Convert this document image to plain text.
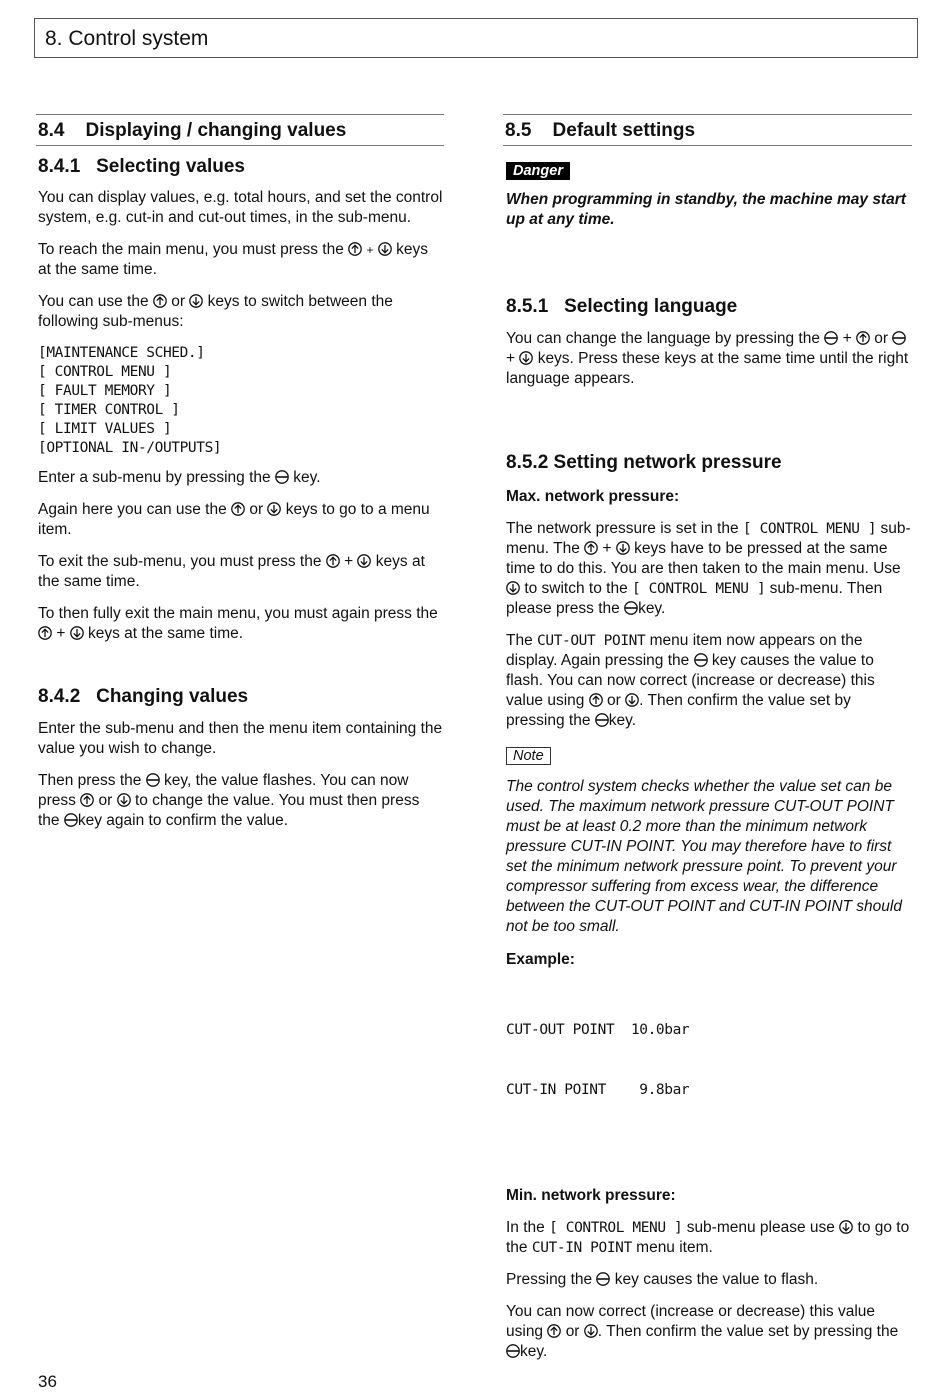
8. Control system
8.4    Displaying / changing values
8.4.1   Selecting values

You can display values, e.g. total hours, and set the control system, e.g. cut-in and cut-out times, in the sub-menu.

To reach the main menu, you must press the + keys at the same time.

You can use the or keys to switch between the following sub-menus:

[MAINTENANCE SCHED.]
[ CONTROL MENU ]
[ FAULT MEMORY ]
[ TIMER CONTROL ]
[ LIMIT VALUES ]
[OPTIONAL IN-/OUTPUTS]

Enter a sub-menu by pressing the key.

Again here you can use the or keys to go to a menu item.

To exit the sub-menu, you must press the + keys at the same time.

To then fully exit the main menu, you must again press the
+ keys at the same time.

8.4.2   Changing values

Enter the sub-menu and then the menu item containing the value you wish to change.

Then press the key, the value flashes. You can now press or to change the value. You must then press the key again to confirm the value.

8.5    Default settings
Danger

When programming in standby, the machine may start up at any time.

8.5.1   Selecting language

You can change the language by pressing the + or
+ keys. Press these keys at the same time until the right language appears.

8.5.2 Setting network pressure

Max. network pressure:

The network pressure is set in the [ CONTROL MENU ] sub-menu. The + keys have to be pressed at the same time to do this. You are then taken to the main menu. Use
to switch to the [ CONTROL MENU ] sub-menu. Then please press the key.

The CUT-OUT POINT menu item now appears on the display. Again pressing the key causes the value to flash. You can now correct (increase or decrease) this value using or . Then confirm the value set by pressing the key.

Note

The control system checks whether the value set can be used. The maximum network pressure CUT-OUT POINT must be at least 0.2 more than the minimum network pressure CUT-IN POINT. You may therefore have to first set the minimum network pressure point. To prevent your compressor suffering from excess wear, the difference between the CUT-OUT POINT and CUT-IN POINT should not be too small.

Example:

CUT-OUT POINT  10.0bar

CUT-IN POINT    9.8bar

Min. network pressure:

In the [ CONTROL MENU ] sub-menu please use to go to the CUT-IN POINT menu item.

Pressing the key causes the value to flash.

You can now correct (increase or decrease) this value using or . Then confirm the value set by pressing the
key.

36
